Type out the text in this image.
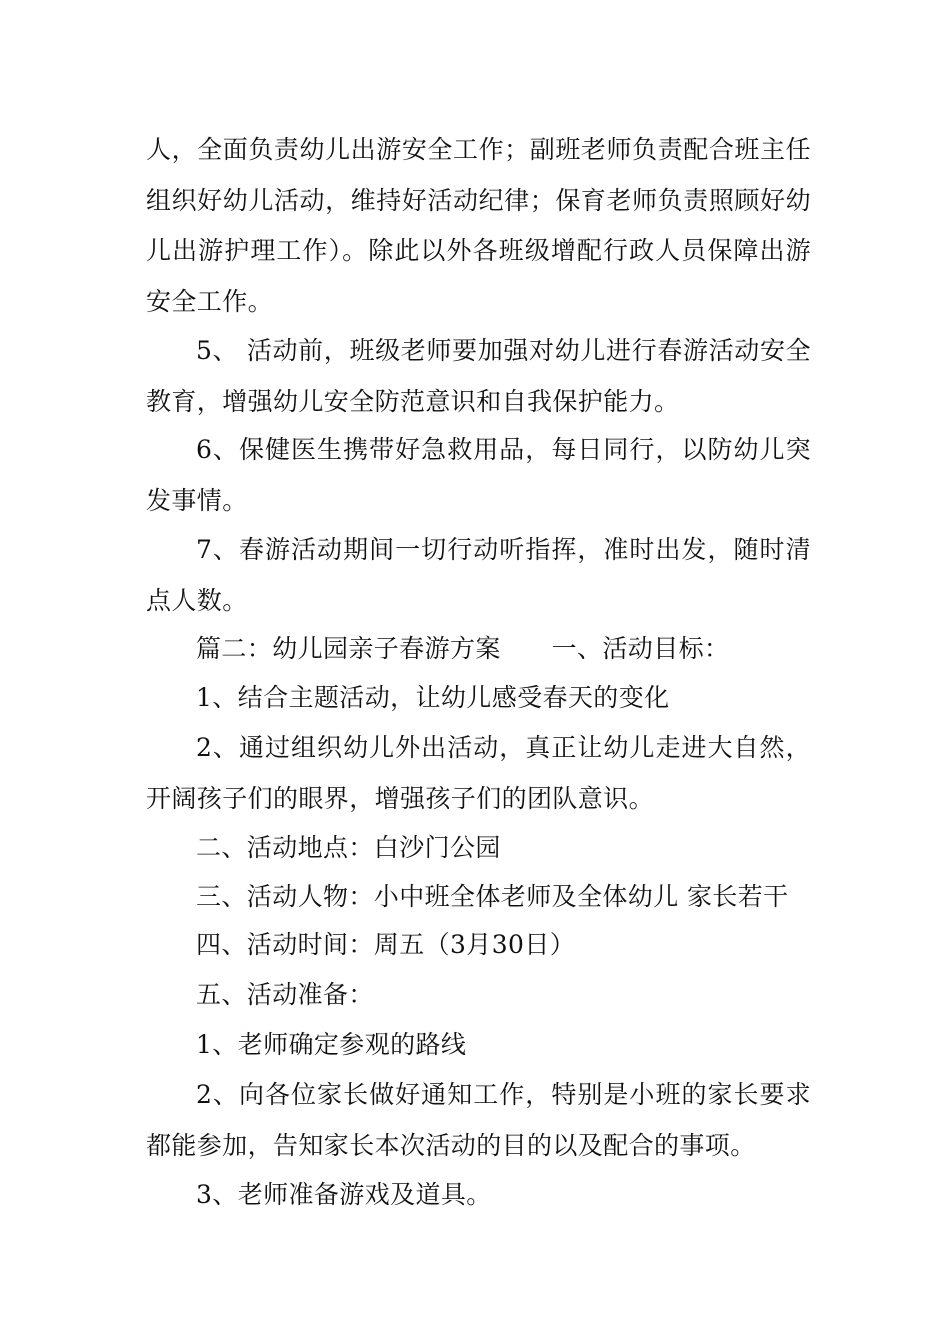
人，全面负责幼儿出游安全工作；副班老师负责配合班主任组织好幼儿活动，维持好活动纪律；保育老师负责照顾好幼儿出游护理工作）。除此以外各班级增配行政人员保障出游安全工作。

5、 活动前，班级老师要加强对幼儿进行春游活动安全教育，增强幼儿安全防范意识和自我保护能力。

6、保健医生携带好急救用品，每日同行，以防幼儿突发事情。

7、春游活动期间一切行动听指挥，准时出发，随时清点人数。

篇二：幼儿园亲子春游方案　　一、活动目标：

1、结合主题活动，让幼儿感受春天的变化

2、通过组织幼儿外出活动，真正让幼儿走进大自然，开阔孩子们的眼界，增强孩子们的团队意识。

二、活动地点：白沙门公园

三、活动人物：小中班全体老师及全体幼儿 家长若干

四、活动时间：周五（3月30日）

五、活动准备：

1、老师确定参观的路线

2、向各位家长做好通知工作，特别是小班的家长要求都能参加，告知家长本次活动的目的以及配合的事项。

3、老师准备游戏及道具。
